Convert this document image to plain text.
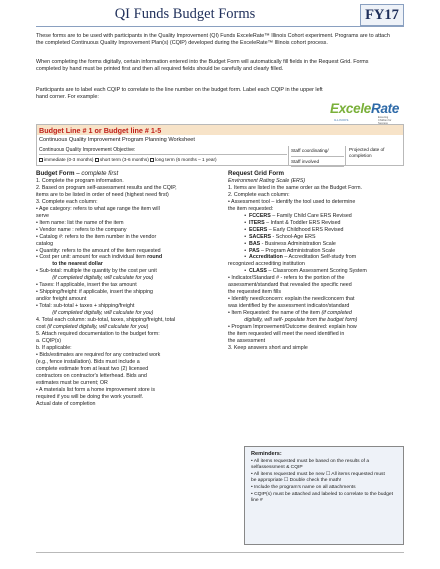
QI Funds Budget Forms	FY17
These forms are to be used with participants in the Quality Improvement (QI) Funds ExceleRate™ Illinois Cohort experiment. Programs are to attach the completed Continuous Quality Improvement Plan(s) (CQIP) developed during the ExceleRate™ Illinois cohort process.
When completing the forms digitally, certain information entered into the Budget Form will automatically fill fields in the Request Grid. Forms completed by hand must be printed first and then all required fields should be carefully and clearly filled.
Participants are to label each CQIP to correlate to the line number on the budget form. Label each CQIP in the upper left hand corner. For example:
ExceleRate
ILLINOIS
Ensuring Children for Success
Budget Line # 1 or Budget line # 1-5
Continuous Quality Improvement Program Planning Worksheet
Continuous Quality Improvement Objective:
immediate (0-3 months) short term (3-6 months) long term (6 months – 1 year)
Staff coordinating/
Staff involved
Projected date of completion
Budget Form – complete first
1. Complete the program information.
2. Based on program self-assessment results and the CQIP,
items are to be listed in order of need (highest need first)
3. Complete each column:
• Age category: refers to what age range the item will
serve
• Item name: list the name of the item
• Vendor name : refers to the company
• Catalog #: refers to the item number in the vendor
catalog
• Quantity: refers to the amount of the item requested
• Cost per unit: amount for each individual item round
to the nearest dollar
• Sub-total: multiple the quantity by the cost per unit
(if completed digitally, will calculate for you)
• Taxes: If applicable, insert the tax amount
• Shipping/freight: if applicable, insert the shipping
and/or freight amount
• Total: sub-total + taxes + shipping/freight
(if completed digitally, will calculate for you)
4. Total each column: sub-total, taxes, shipping/freight, total
cost (if completed digitally, will calculate for you)
5. Attach required documentation to the budget form:
a. CQIP(s)
b. If applicable:
• Bids/estimates are required for any contracted work
(e.g., fence installation). Bids must include a
complete estimate from at least two (2) licensed
contractors on contractor's letterhead. Bids and
estimates must be current; OR
• A materials list form a home improvement store is
required if you will be doing the work yourself.
Actual date of completion
Request Grid Form
Environment Rating Scale (ERS)
1. Items are listed in the same order as the Budget Form.
2. Complete each column:
• Assessment tool – identify the tool used to determine
the item requested:
•  FCCERS – Family Child Care ERS Revised
•  ITERS – Infant & Toddler ERS Revised
•  ECERS – Early Childhood ERS Revised
•  SACERS - School-Age ERS
•  BAS - Business Administration Scale
•  PAS – Program Administration Scale
•  Accreditation – Accreditation Self-study from
recognized accrediting institution
•  CLASS – Classroom Assessment Scoring System
• Indicator/Standard # - refers to the portion of the
assessment/standard that revealed the specific need
the requested item fills
• Identify need/concern: explain the need/concern that
was identified by the assessment indicator/standard
• Item Requested: the name of the item (if completed
digitally, will self- populate from the budget form)
• Program Improvement/Outcome desired: explain how
the item requested will meet the need identified in
the assessment
3. Keep answers short and simple
Reminders:
• All items requested must be based on the results of a
selfassessment & CQIP
• All items requested must be new ☐ All items requested must
be appropriate ☐ Double check the math!
• Include the program's name on all attachments
• CQIP(s) must be attached and labeled to correlate to the budget
line #
